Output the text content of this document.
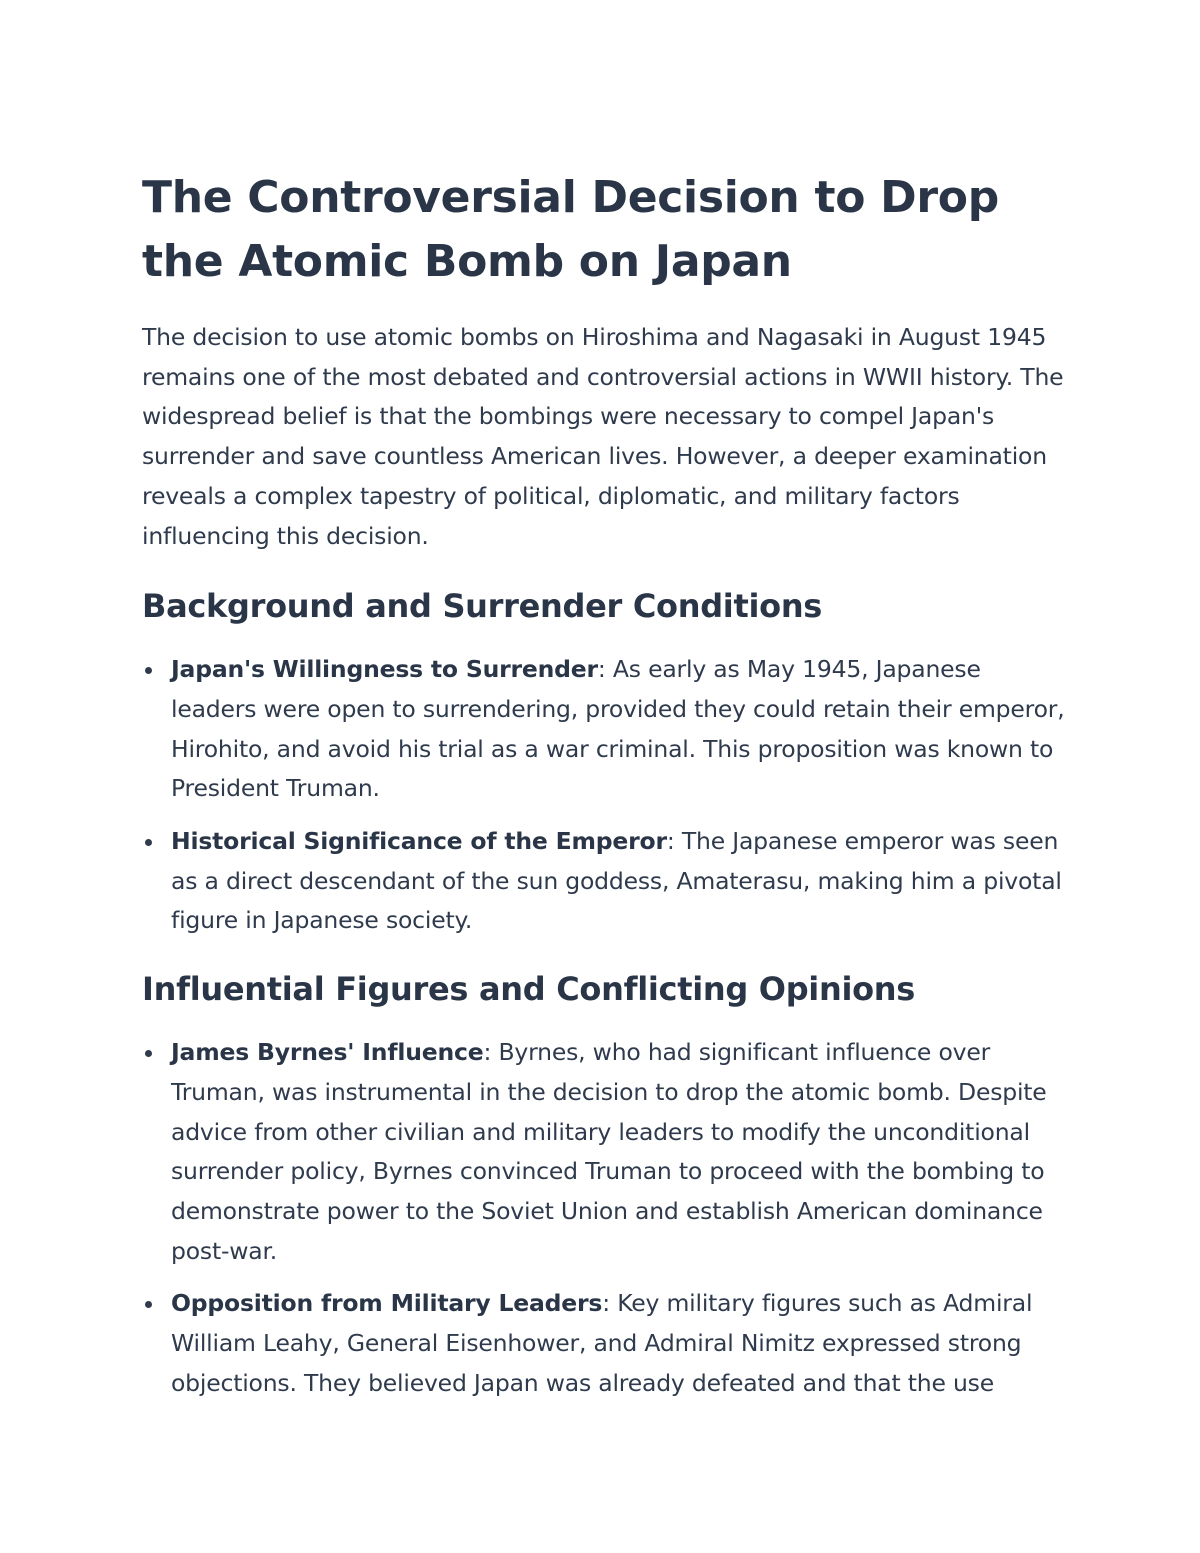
The Controversial Decision to Drop the Atomic Bomb on Japan

The decision to use atomic bombs on Hiroshima and Nagasaki in August 1945 remains one of the most debated and controversial actions in WWII history. The widespread belief is that the bombings were necessary to compel Japan's surrender and save countless American lives. However, a deeper examination reveals a complex tapestry of political, diplomatic, and military factors influencing this decision.

Background and Surrender Conditions
Japan's Willingness to Surrender: As early as May 1945, Japanese leaders were open to surrendering, provided they could retain their emperor, Hirohito, and avoid his trial as a war criminal. This proposition was known to President Truman.
Historical Significance of the Emperor: The Japanese emperor was seen as a direct descendant of the sun goddess, Amaterasu, making him a pivotal figure in Japanese society.
Influential Figures and Conflicting Opinions
James Byrnes' Influence: Byrnes, who had significant influence over Truman, was instrumental in the decision to drop the atomic bomb. Despite advice from other civilian and military leaders to modify the unconditional surrender policy, Byrnes convinced Truman to proceed with the bombing to demonstrate power to the Soviet Union and establish American dominance post-war.
Opposition from Military Leaders: Key military figures such as Admiral William Leahy, General Eisenhower, and Admiral Nimitz expressed strong objections. They believed Japan was already defeated and that the use
